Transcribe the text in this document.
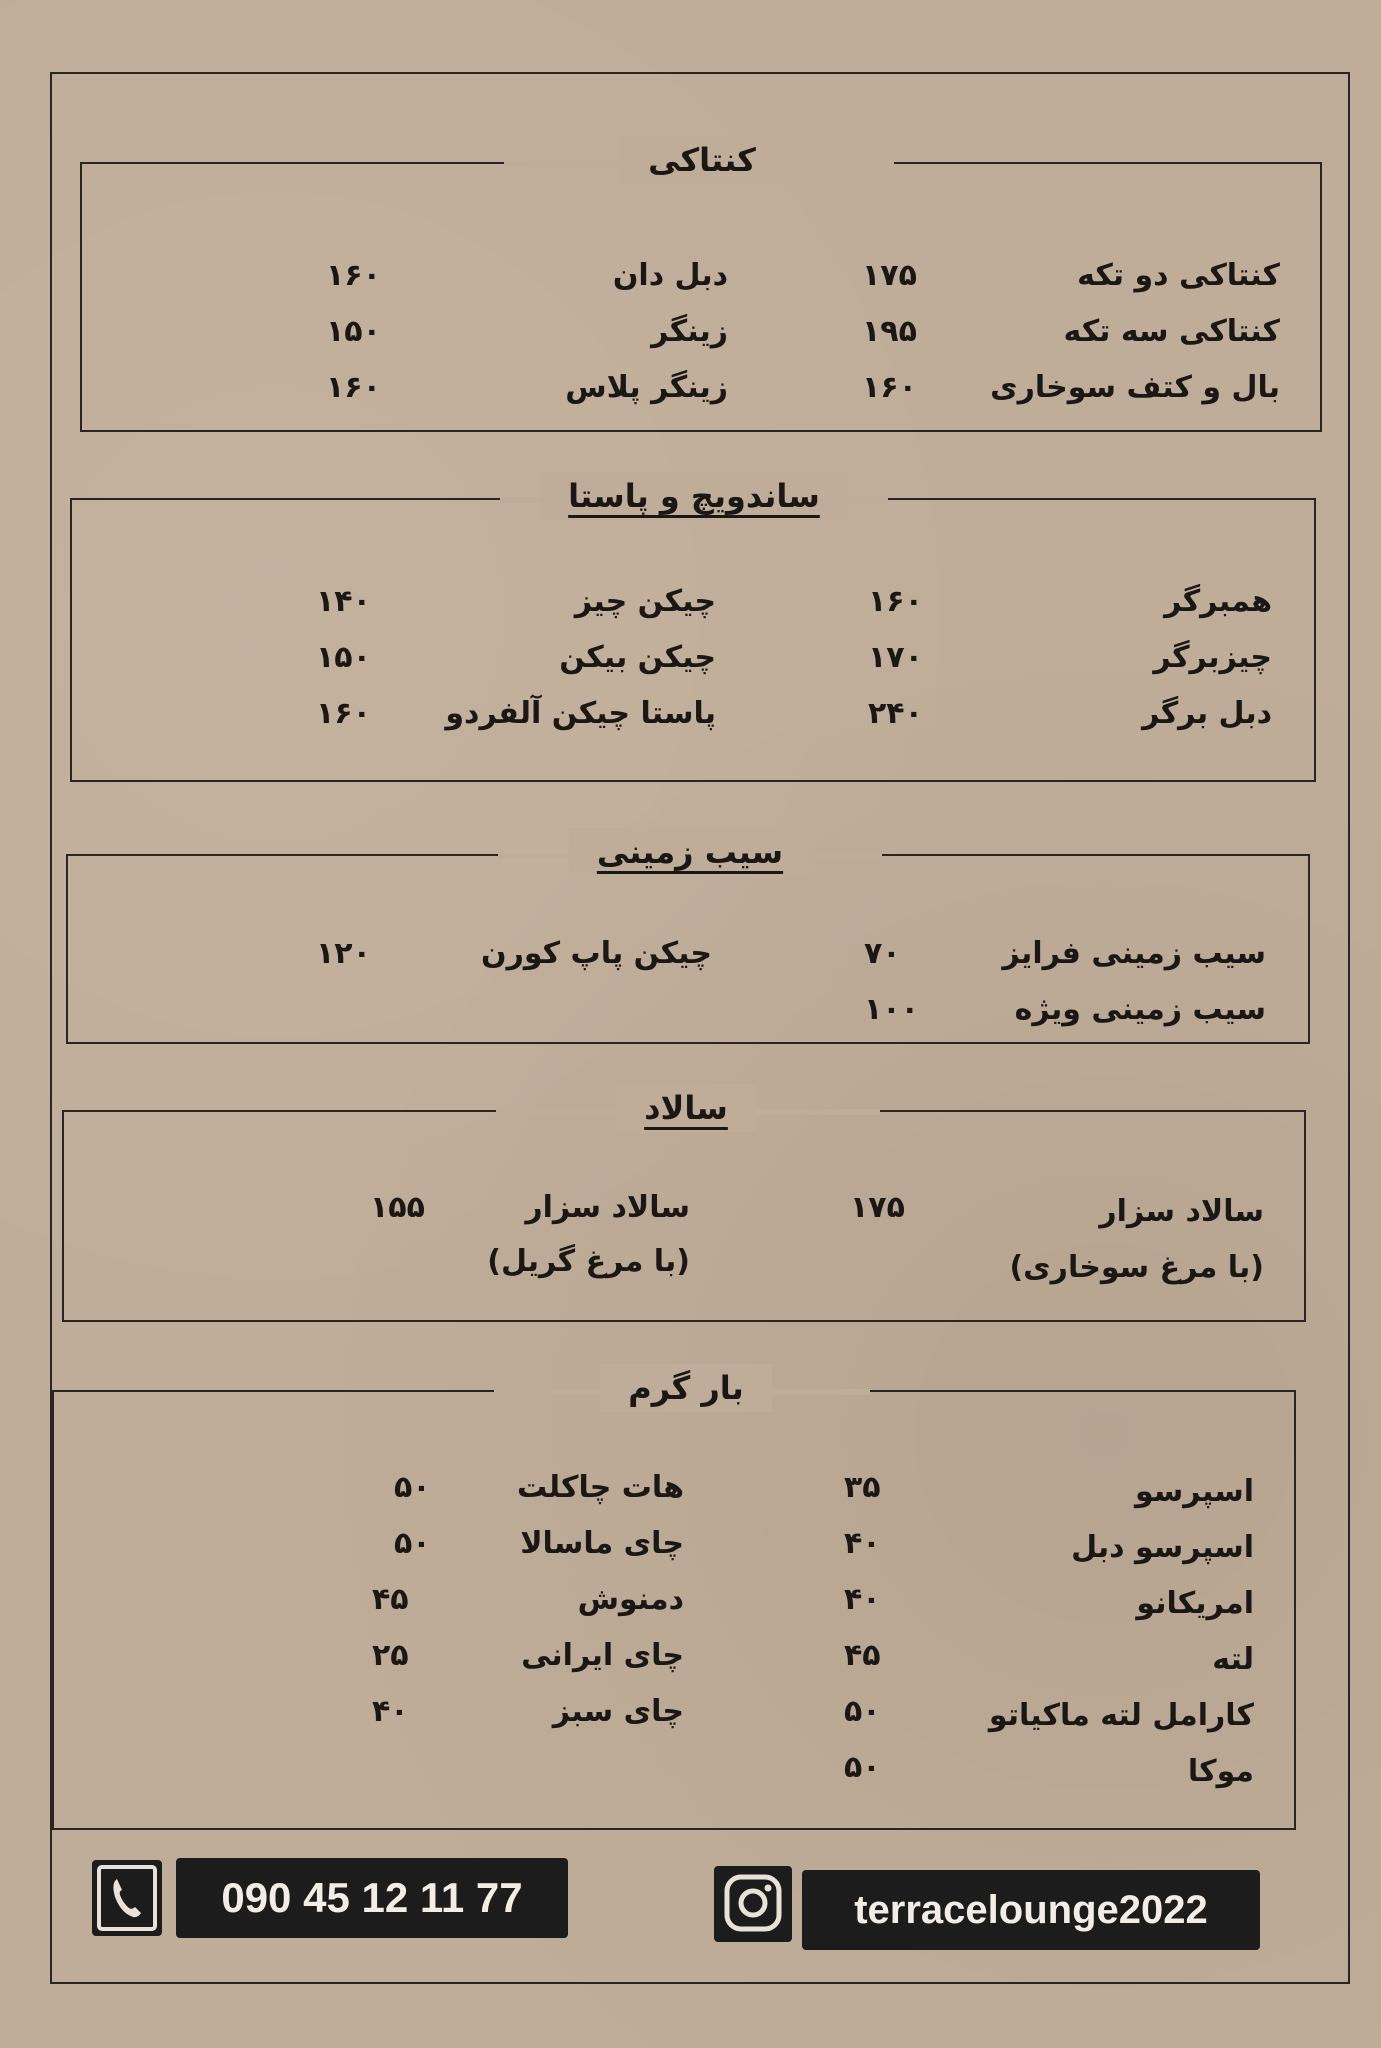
کنتاکی
کنتاکی دو تکه
۱۷۵
کنتاکی سه تکه
۱۹۵
بال و کتف سوخاری
۱۶۰
دبل دان
۱۶۰
زینگر
۱۵۰
زینگر پلاس
۱۶۰
ساندویچ و پاستا
همبرگر
۱۶۰
چیزبرگر
۱۷۰
دبل برگر
۲۴۰
چیکن چیز
۱۴۰
چیکن بیکن
۱۵۰
پاستا چیکن آلفردو
۱۶۰
سیب زمینی
سیب زمینی فرایز
۷۰
سیب زمینی ویژه
۱۰۰
چیکن پاپ کورن
۱۲۰
سالاد
سالاد سزار
(با مرغ سوخاری)
۱۷۵
سالاد سزار
(با مرغ گریل)
۱۵۵
بار گرم
اسپرسو
۳۵
اسپرسو دبل
۴۰
امریکانو
۴۰
لته
۴۵
کارامل لته ماکیاتو
۵۰
موکا
۵۰
هات چاکلت
۵۰
چای ماسالا
۵۰
دمنوش
۴۵
چای ایرانی
۲۵
چای سبز
۴۰
090 45 12 11 77	terracelounge2022
